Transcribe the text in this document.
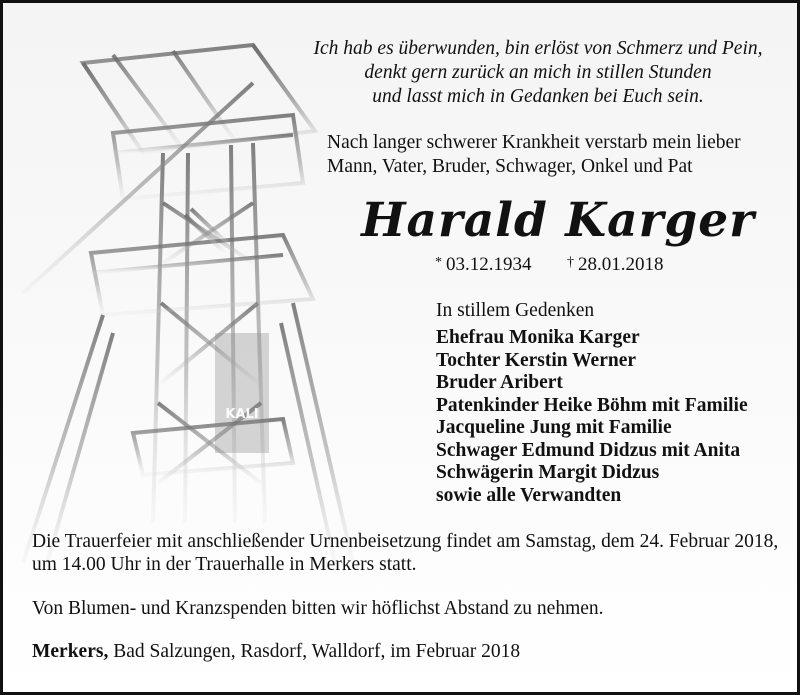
KALI
Ich hab es überwunden, bin erlöst von Schmerz und Pein,
denkt gern zurück an mich in stillen Stunden
und lasst mich in Gedanken bei Euch sein.
Nach langer schwerer Krankheit verstarb mein lieber
Mann, Vater, Bruder, Schwager, Onkel und Pat
Harald Karger
* 03.12.1934	† 28.01.2018
In stillem Gedenken
Ehefrau Monika Karger
Tochter Kerstin Werner
Bruder Aribert
Patenkinder Heike Böhm mit Familie
Jacqueline Jung mit Familie
Schwager Edmund Didzus mit Anita
Schwägerin Margit Didzus
sowie alle Verwandten
Die Trauerfeier mit anschließender Urnenbeisetzung findet am Samstag, dem 24. Februar 2018,
um 14.00 Uhr in der Trauerhalle in Merkers statt.
Von Blumen- und Kranzspenden bitten wir höflichst Abstand zu nehmen.
Merkers, Bad Salzungen, Rasdorf, Walldorf, im Februar 2018
